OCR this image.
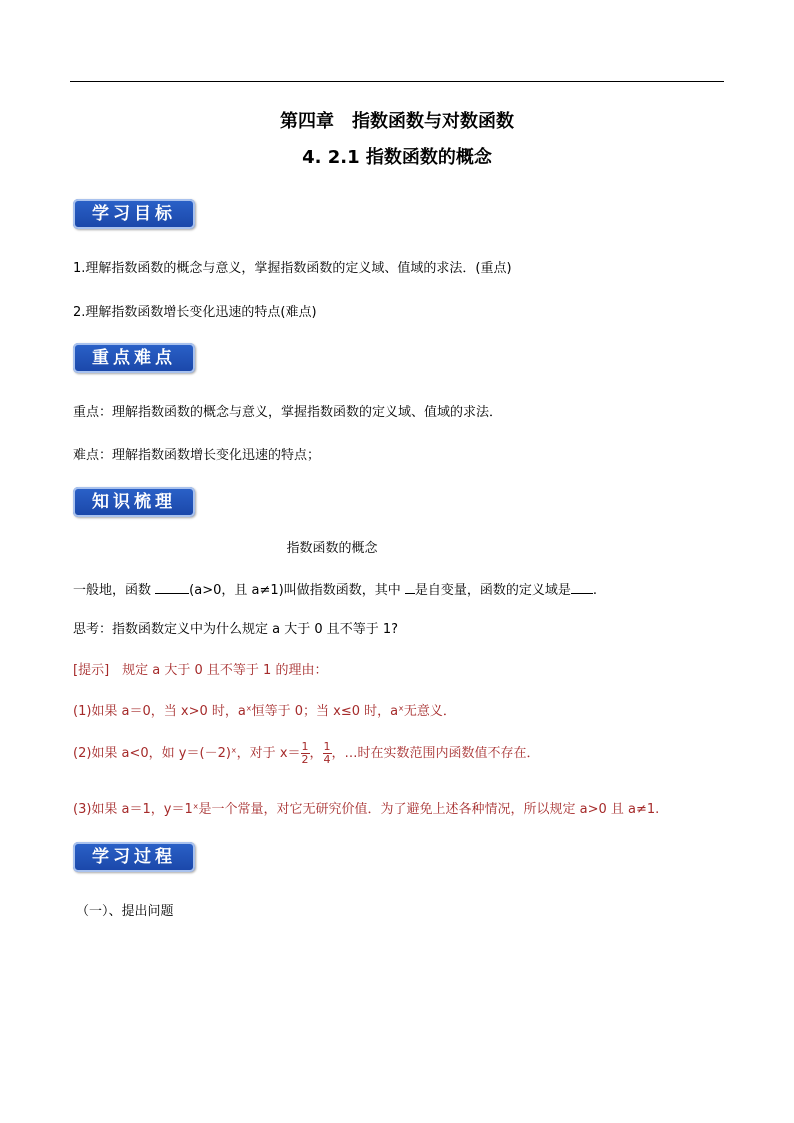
第四章　指数函数与对数函数
4. 2.1 指数函数的概念
学习目标
1.理解指数函数的概念与意义，掌握指数函数的定义域、值域的求法．(重点)
2.理解指数函数增长变化迅速的特点(难点)
重点难点
重点：理解指数函数的概念与意义，掌握指数函数的定义域、值域的求法．
难点：理解指数函数增长变化迅速的特点；
知识梳理
指数函数的概念
一般地，函数	(a>0，且 a≠1)叫做指数函数，其中 是自变量，函数的定义域是 .
思考：指数函数定义中为什么规定 a 大于 0 且不等于 1?
[提示]　规定 a 大于 0 且不等于 1 的理由：
(1)如果 a＝0，当 x>0 时，aˣ恒等于 0；当 x≤0 时，aˣ无意义．
(2)如果 a<0，如 y＝(－2)ˣ，对于 $x= \frac{1}{2}$ ， $\frac{1}{4}$ ，…时在实数范围内函数值不存在．
(3)如果 a＝1，y＝1ˣ是一个常量，对它无研究价值．为了避免上述各种情况，所以规定 a>0 且 a≠1.
学习过程
（一）、提出问题
